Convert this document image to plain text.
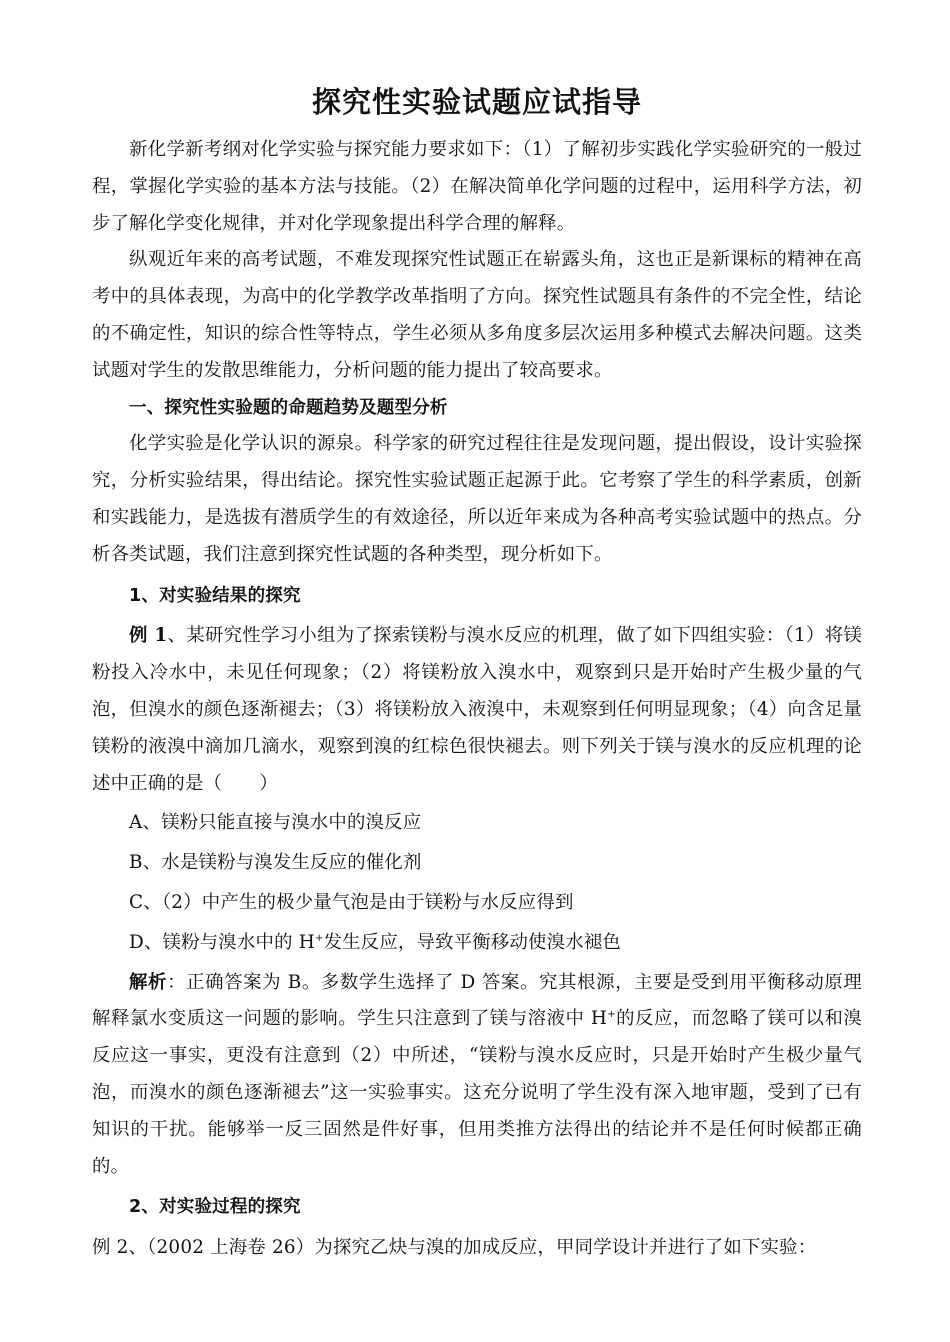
探究性实验试题应试指导

新化学新考纲对化学实验与探究能力要求如下：（1）了解初步实践化学实验研究的一般过程，掌握化学实验的基本方法与技能。（2）在解决简单化学问题的过程中，运用科学方法，初步了解化学变化规律，并对化学现象提出科学合理的解释。

纵观近年来的高考试题，不难发现探究性试题正在崭露头角，这也正是新课标的精神在高考中的具体表现，为高中的化学教学改革指明了方向。探究性试题具有条件的不完全性，结论的不确定性，知识的综合性等特点，学生必须从多角度多层次运用多种模式去解决问题。这类试题对学生的发散思维能力，分析问题的能力提出了较高要求。

一、探究性实验题的命题趋势及题型分析

化学实验是化学认识的源泉。科学家的研究过程往往是发现问题，提出假设，设计实验探究，分析实验结果，得出结论。探究性实验试题正起源于此。它考察了学生的科学素质，创新和实践能力，是选拔有潜质学生的有效途径，所以近年来成为各种高考实验试题中的热点。分析各类试题，我们注意到探究性试题的各种类型，现分析如下。

1、对实验结果的探究

例 1、某研究性学习小组为了探索镁粉与溴水反应的机理，做了如下四组实验：（1）将镁粉投入冷水中，未见任何现象；（2）将镁粉放入溴水中，观察到只是开始时产生极少量的气泡，但溴水的颜色逐渐褪去；（3）将镁粉放入液溴中，未观察到任何明显现象；（4）向含足量镁粉的液溴中滴加几滴水，观察到溴的红棕色很快褪去。则下列关于镁与溴水的反应机理的论述中正确的是（　　）

A、镁粉只能直接与溴水中的溴反应

B、水是镁粉与溴发生反应的催化剂

C、（2）中产生的极少量气泡是由于镁粉与水反应得到

D、镁粉与溴水中的 H+发生反应，导致平衡移动使溴水褪色

解析：正确答案为 B。多数学生选择了 D 答案。究其根源，主要是受到用平衡移动原理解释氯水变质这一问题的影响。学生只注意到了镁与溶液中 H+的反应，而忽略了镁可以和溴反应这一事实，更没有注意到（2）中所述，“镁粉与溴水反应时，只是开始时产生极少量气泡，而溴水的颜色逐渐褪去”这一实验事实。这充分说明了学生没有深入地审题，受到了已有知识的干扰。能够举一反三固然是件好事，但用类推方法得出的结论并不是任何时候都正确的。

2、对实验过程的探究

例 2、（2002 上海卷 26）为探究乙炔与溴的加成反应，甲同学设计并进行了如下实验：
